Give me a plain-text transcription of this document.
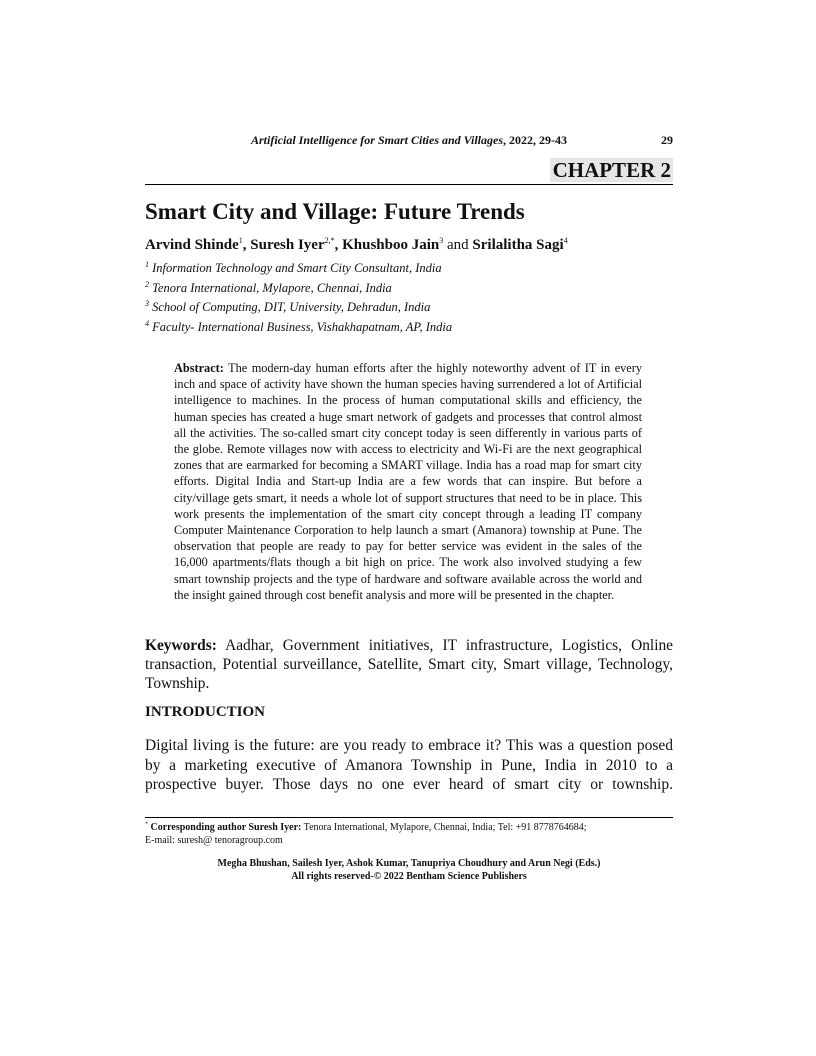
Artificial Intelligence for Smart Cities and Villages, 2022, 29-43	29
CHAPTER 2
Smart City and Village: Future Trends
Arvind Shinde$^1$, Suresh Iyer$^{2,*}$, Khushboo Jain$^3$ and Srilalitha Sagi$^4$
$^1$ Information Technology and Smart City Consultant, India
$^2$ Tenora International, Mylapore, Chennai, India
$^3$ School of Computing, DIT, University, Dehradun, India
$^4$ Faculty- International Business, Vishakhapatnam, AP, India
Abstract: The modern-day human efforts after the highly noteworthy advent of IT in every inch and space of activity have shown the human species having surrendered a lot of Artificial intelligence to machines. In the process of human computational skills and efficiency, the human species has created a huge smart network of gadgets and processes that control almost all the activities. The so-called smart city concept today is seen differently in various parts of the globe. Remote villages now with access to electricity and Wi-Fi are the next geographical zones that are earmarked for becoming a SMART village. India has a road map for smart city efforts. Digital India and Start-up India are a few words that can inspire. But before a city/village gets smart, it needs a whole lot of support structures that need to be in place. This work presents the implementation of the smart city concept through a leading IT company Computer Maintenance Corporation to help launch a smart (Amanora) township at Pune. The observation that people are ready to pay for better service was evident in the sales of the 16,000 apartments/flats though a bit high on price. The work also involved studying a few smart township projects and the type of hardware and software available across the world and the insight gained through cost benefit analysis and more will be presented in the chapter.
Keywords: Aadhar, Government initiatives, IT infrastructure, Logistics, Online transaction, Potential surveillance, Satellite, Smart city, Smart village, Technology, Township.
INTRODUCTION
Digital living is the future: are you ready to embrace it? This was a question posed by a marketing executive of Amanora Township in Pune, India in 2010 to a prospective buyer. Those days no one ever heard of smart city or township.
* Corresponding author Suresh Iyer: Tenora International, Mylapore, Chennai, India; Tel: +91 8778764684;
E-mail: suresh@ tenoragroup.com
Megha Bhushan, Sailesh Iyer, Ashok Kumar, Tanupriya Choudhury and Arun Negi (Eds.)
All rights reserved-© 2022 Bentham Science Publishers
